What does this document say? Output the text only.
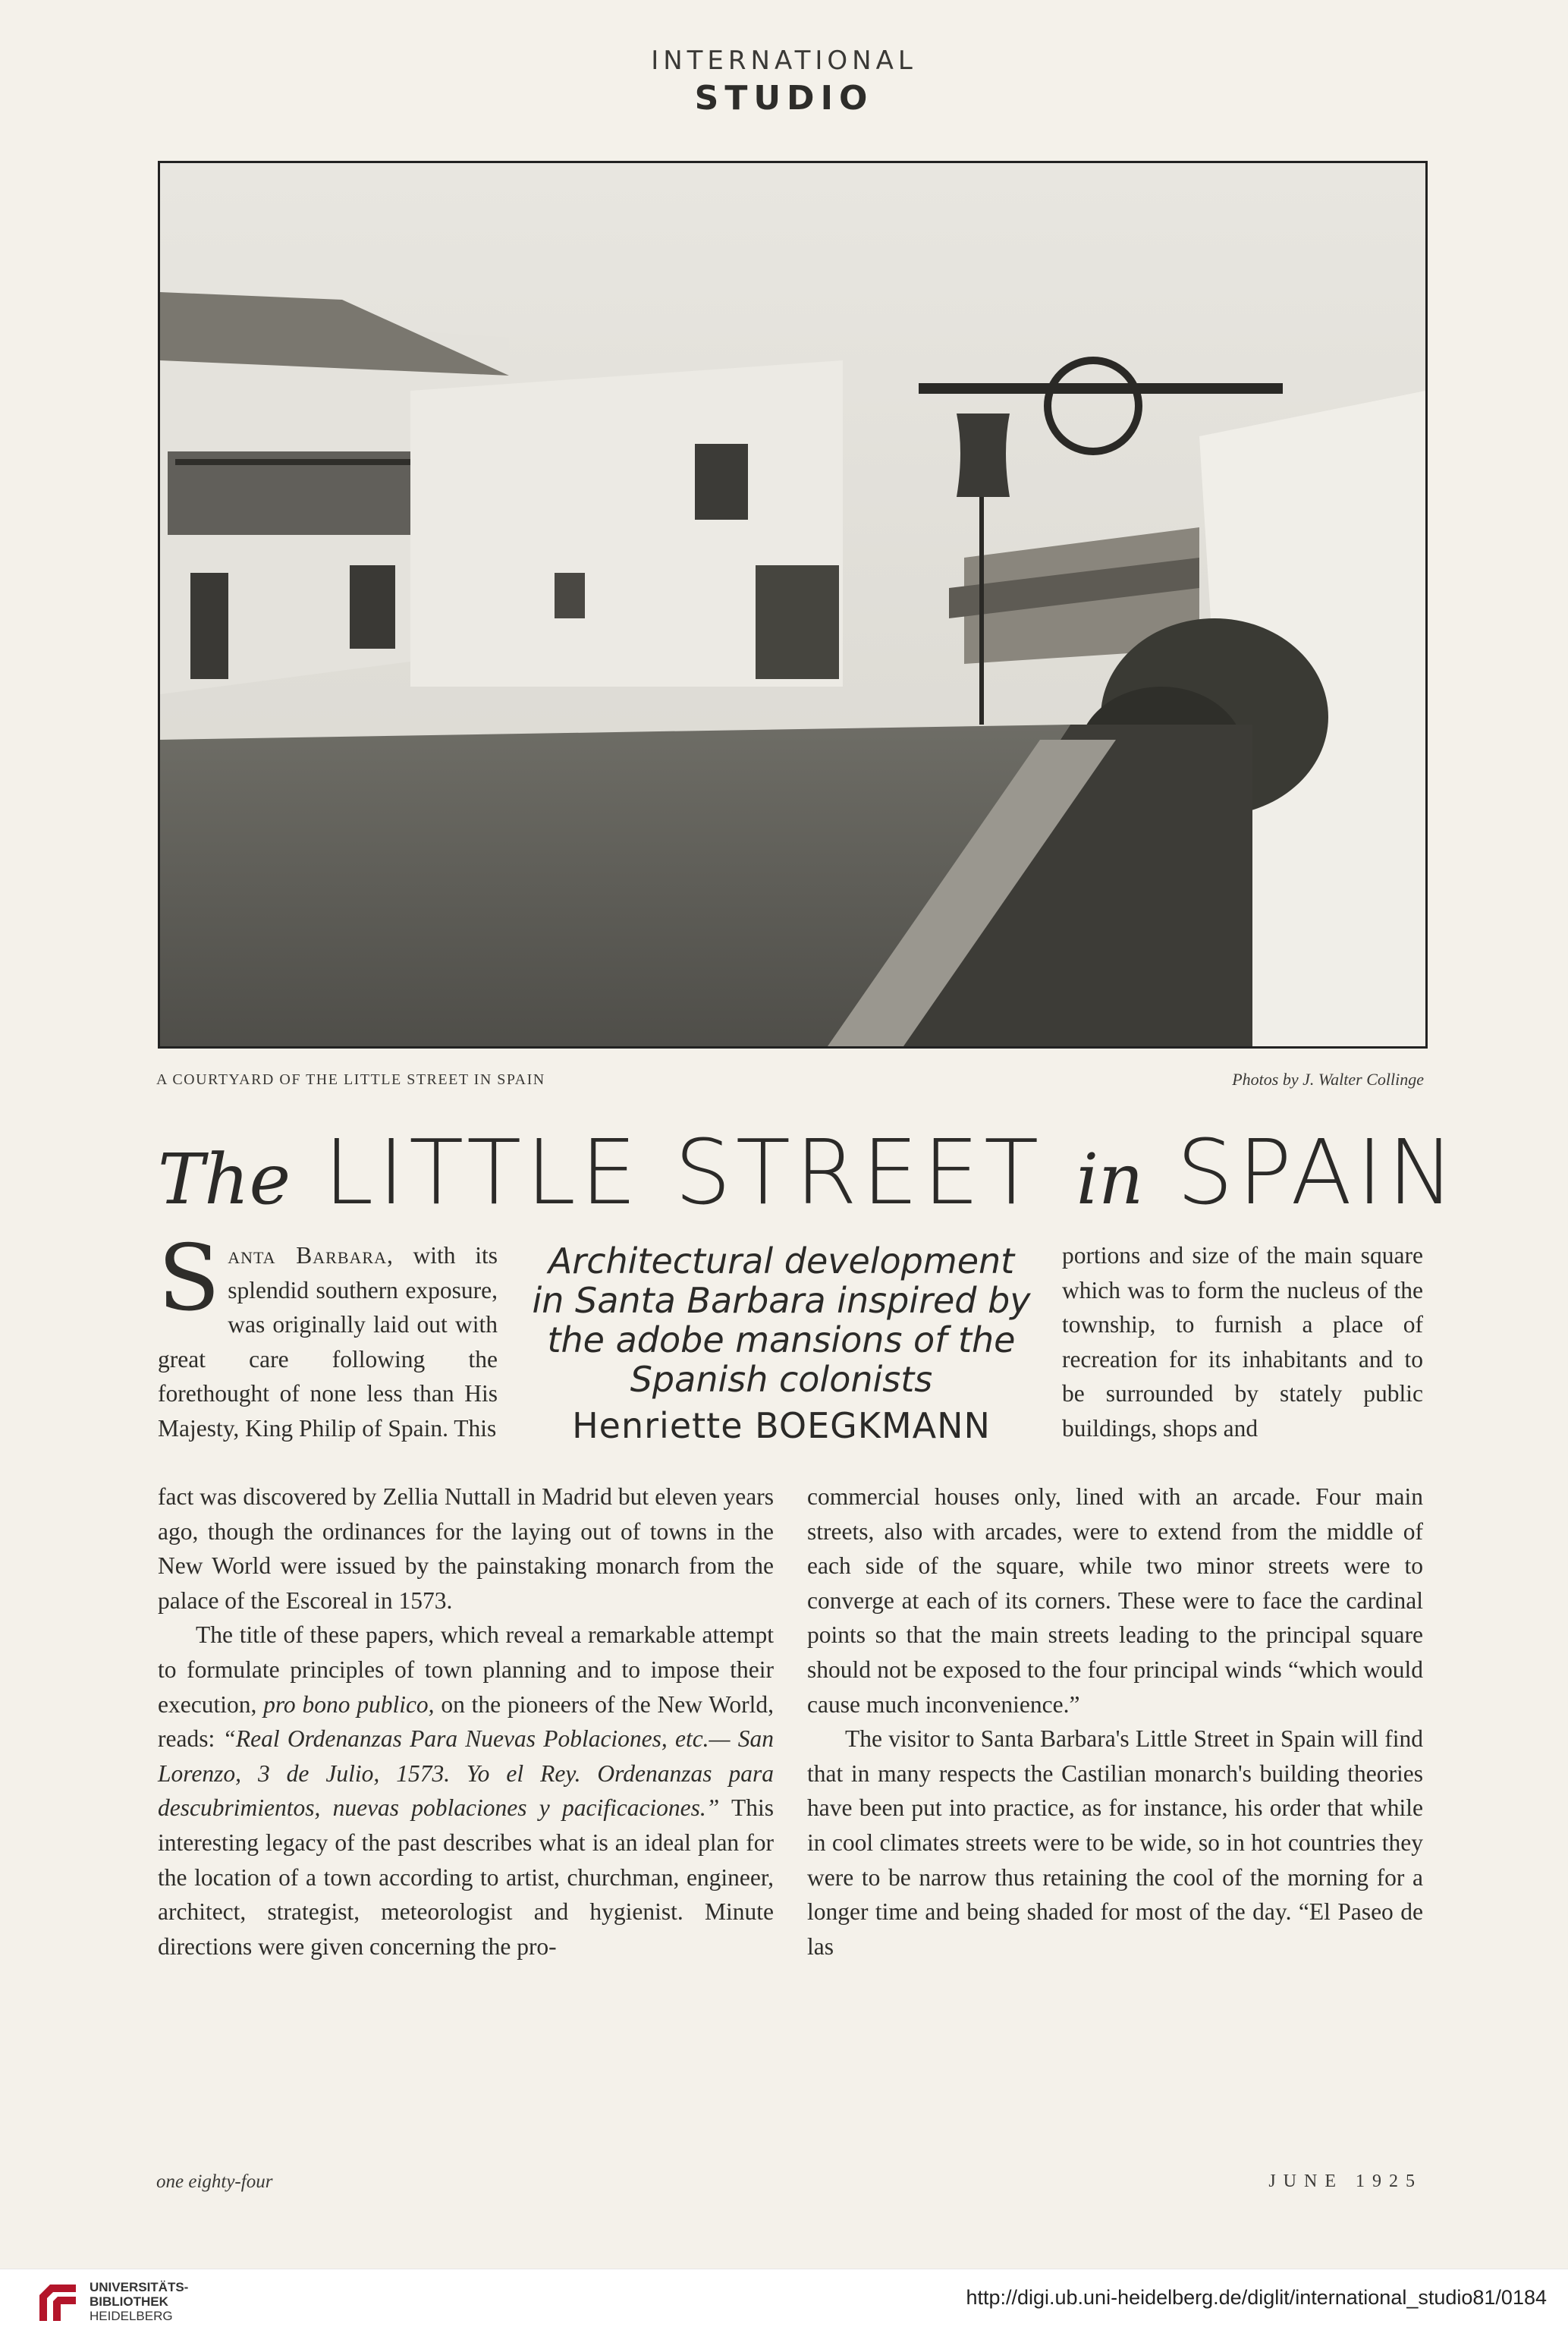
INTERNATIONAL
STUDIO
A COURTYARD OF THE LITTLE STREET IN SPAIN	Photos by J. Walter Collinge
The LITTLE STREET in SPAIN

Santa Barbara, with its splendid southern exposure, was originally laid out with great care following the forethought of none less than His Majesty, King Philip of Spain. This

Architectural development in Santa Barbara inspired by the adobe mansions of the Spanish colonists
Henriette BOEGKMANN

portions and size of the main square which was to form the nucleus of the township, to furnish a place of recreation for its inhabitants and to be surrounded by stately public buildings, shops and

fact was discovered by Zellia Nuttall in Madrid but eleven years ago, though the ordinances for the laying out of towns in the New World were issued by the painstaking monarch from the palace of the Escoreal in 1573.

The title of these papers, which reveal a remarkable attempt to formulate principles of town planning and to impose their execution, pro bono publico, on the pioneers of the New World, reads: “Real Ordenanzas Para Nuevas Poblaciones, etc.— San Lorenzo, 3 de Julio, 1573. Yo el Rey. Ordenanzas para descubrimientos, nuevas poblaciones y pacificaciones.” This interesting legacy of the past describes what is an ideal plan for the location of a town according to artist, churchman, engineer, architect, strategist, meteorologist and hygienist. Minute directions were given concerning the pro-

commercial houses only, lined with an arcade. Four main streets, also with arcades, were to extend from the middle of each side of the square, while two minor streets were to converge at each of its corners. These were to face the cardinal points so that the main streets leading to the principal square should not be exposed to the four principal winds “which would cause much inconvenience.”

The visitor to Santa Barbara's Little Street in Spain will find that in many respects the Castilian monarch's building theories have been put into practice, as for instance, his order that while in cool climates streets were to be wide, so in hot countries they were to be narrow thus retaining the cool of the morning for a longer time and being shaded for most of the day. “El Paseo de las

one eighty-four	JUNE 1925
UNIVERSITÄTS-
BIBLIOTHEK
HEIDELBERG
http://digi.ub.uni-heidelberg.de/diglit/international_studio81/0184
